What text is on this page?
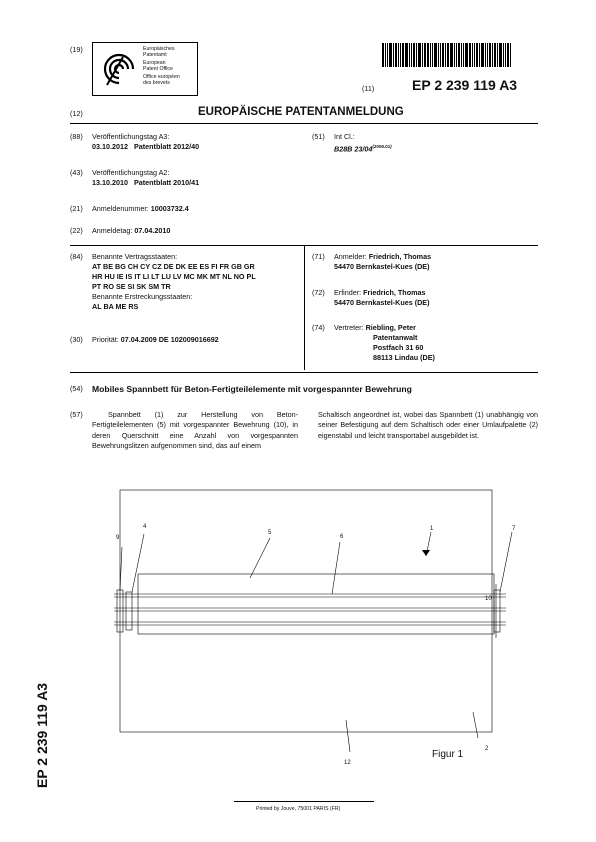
(19)	Europäisches
Patentamt
European
Patent Office
Office européen
des brevets
(11)	EP 2 239 119 A3
(12)	EUROPÄISCHE PATENTANMELDUNG
(88) Veröffentlichungstag A3:
03.10.2012 Patentblatt 2012/40
(43) Veröffentlichungstag A2:
13.10.2010 Patentblatt 2010/41
(21) Anmeldenummer: 10003732.4
(22) Anmeldetag: 07.04.2010
(51) Int Cl.:
B28B $23/04^{(2006.01)}$
(84) Benannte Vertragsstaaten:
AT BE BG CH CY CZ DE DK EE ES FI FR GB GR
HR HU IE IS IT LI LT LU LV MC MK MT NL NO PL
PT RO SE SI SK SM TR
Benannte Erstreckungsstaaten:
AL BA ME RS
(30) Priorität: 07.04.2009 DE 102009016692
(71) Anmelder: Friedrich, Thomas
54470 Bernkastel-Kues (DE)
(72) Erfinder: Friedrich, Thomas
54470 Bernkastel-Kues (DE)
(74) Vertreter: Riebling, Peter
Patentanwalt
Postfach 31 60
88113 Lindau (DE)
(54) Mobiles Spannbett für Beton-Fertigteilelemente mit vorgespannter Bewehrung
(57)	Spannbett (1) zur Herstellung von Beton-Fertigteilelementen (5) mit vorgespannter Bewehrung (10), in deren Querschnitt eine Anzahl von vorgespannten Bewehrungslitzen aufgenommen sind, das auf einem
Schaltisch angeordnet ist, wobei das Spannbett (1) unabhängig von seiner Befestigung auf dem Schaltisch oder einer Umlaufpalette (2) eigenstabil und leicht transportabel ausgebildet ist.
9
4
5
6
1	7
10
2
12
Figur 1
EP 2 239 119 A3
Printed by Jouve, 75001 PARIS (FR)
